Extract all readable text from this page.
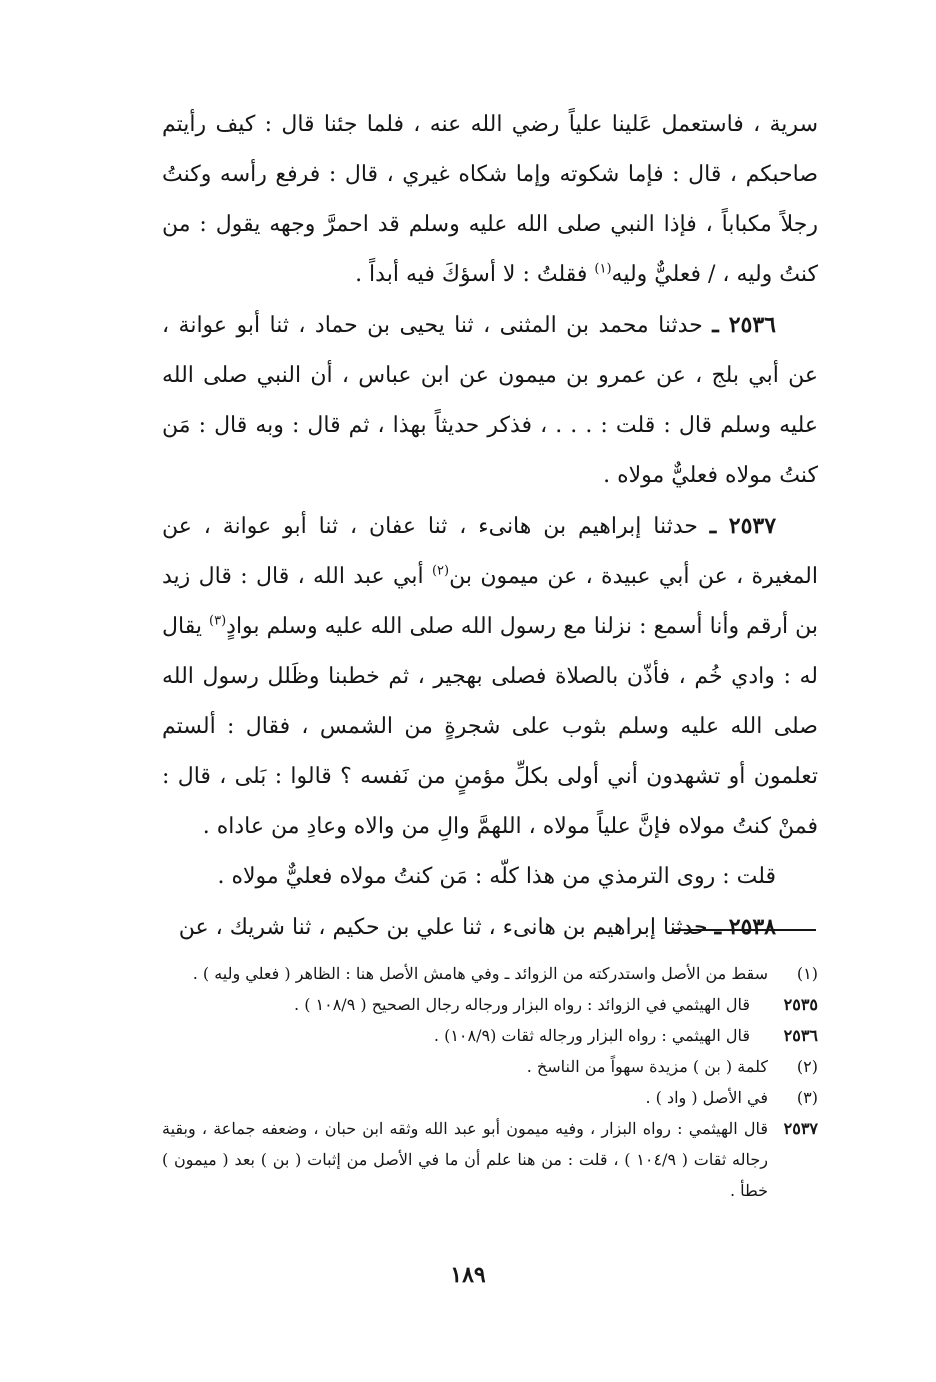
سرية ، فاستعمل عَلينا علياً رضي الله عنه ، فلما جئنا قال : كيف رأيتم صاحبكم ، قال : فإما شكوته وإما شكاه غيري ، قال : فرفع رأسه وكنتُ رجلاً مكباباً ، فإذا النبي صلى الله عليه وسلم قد احمرَّ وجهه يقول : من كنتُ وليه ، / فعليٌّ وليه$^{(١)}$ فقلتُ : لا أسؤكَ فيه أبداً .

٢٥٣٦ ـ حدثنا محمد بن المثنى ، ثنا يحيى بن حماد ، ثنا أبو عوانة ، عن أبي بلج ، عن عمرو بن ميمون عن ابن عباس ، أن النبي صلى الله عليه وسلم قال : قلت : . . . ، فذكر حديثاً بهذا ، ثم قال : وبه قال : مَن كنتُ مولاه فعليٌّ مولاه .

٢٥٣٧ ـ حدثنا إبراهيم بن هانىء ، ثنا عفان ، ثنا أبو عوانة ، عن المغيرة ، عن أبي عبيدة ، عن ميمون بن$^{(٢)}$ أبي عبد الله ، قال : قال زيد بن أرقم وأنا أسمع : نزلنا مع رسول الله صلى الله عليه وسلم بوادٍ$^{(٣)}$ يقال له : وادي خُم ، فأذّن بالصلاة فصلى بهجير ، ثم خطبنا وظَلل رسول الله صلى الله عليه وسلم بثوب على شجرةٍ من الشمس ، فقال : ألستم تعلمون أو تشهدون أني أولى بكلِّ مؤمنٍ من نَفسه ؟ قالوا : بَلى ، قال : فمنْ كنتُ مولاه فإنَّ علياً مولاه ، اللهمَّ والِ من والاه وعادِ من عاداه .

قلت : روى الترمذي من هذا كلّه : مَن كنتُ مولاه فعليٌّ مولاه .

٢٥٣٨ ـ حدثنا إبراهيم بن هانىء ، ثنا علي بن حكيم ، ثنا شريك ، عن

(١)
سقط من الأصل واستدركته من الزوائد ـ وفي هامش الأصل هنا : الظاهر ( فعلي وليه ) .
٢٥٣٥
قال الهيثمي في الزوائد : رواه البزار ورجاله رجال الصحيح ( ١٠٨/٩ ) .
٢٥٣٦
قال الهيثمي : رواه البزار ورجاله ثقات (١٠٨/٩) .
(٢)
كلمة ( بن ) مزيدة سهواً من الناسخ .
(٣)
في الأصل ( واد ) .
٢٥٣٧
قال الهيثمي : رواه البزار ، وفيه ميمون أبو عبد الله وثقه ابن حبان ، وضعفه جماعة ، وبقية رجاله ثقات ( ١٠٤/٩ ) ، قلت : من هنا علم أن ما في الأصل من إثبات ( بن ) بعد ( ميمون ) خطأ .
١٨٩
